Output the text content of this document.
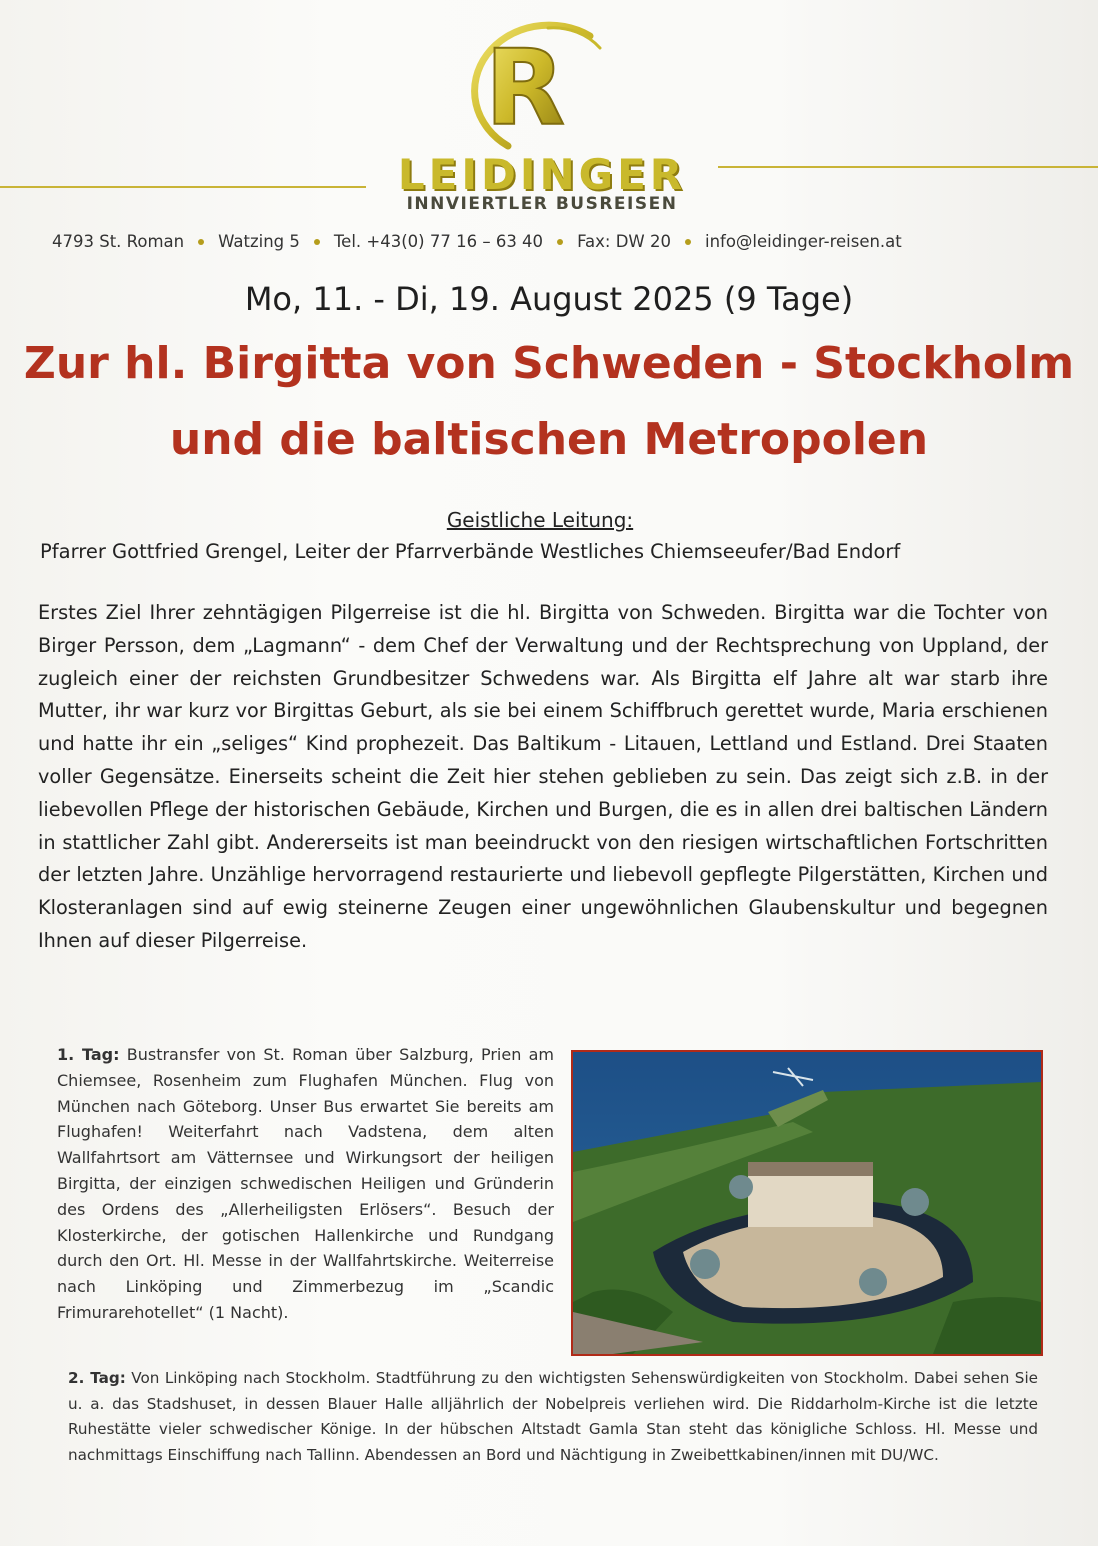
R
LEIDINGER
INNVIERTLER BUSREISEN
4793 St. Roman Watzing 5 Tel. +43(0) 77 16 – 63 40 Fax: DW 20 info@leidinger-reisen.at
Mo, 11. - Di, 19. August 2025 (9 Tage)
Zur hl. Birgitta von Schweden - Stockholm
und die baltischen Metropolen
Geistliche Leitung:
Pfarrer Gottfried Grengel, Leiter der Pfarrverbände Westliches Chiemseeufer/Bad Endorf
Erstes Ziel Ihrer zehntägigen Pilgerreise ist die hl. Birgitta von Schweden. Birgitta war die Tochter von Birger Persson, dem „Lagmann“ - dem Chef der Verwaltung und der Rechtsprechung von Uppland, der zugleich einer der reichsten Grundbesitzer Schwedens war. Als Birgitta elf Jahre alt war starb ihre Mutter, ihr war kurz vor Birgittas Geburt, als sie bei einem Schiffbruch gerettet wurde, Maria erschienen und hatte ihr ein „seliges“ Kind prophezeit. Das Baltikum - Litauen, Lettland und Estland. Drei Staaten voller Gegensätze. Einerseits scheint die Zeit hier stehen geblieben zu sein. Das zeigt sich z.B. in der liebevollen Pflege der historischen Gebäude, Kirchen und Burgen, die es in allen drei baltischen Ländern in stattlicher Zahl gibt. Andererseits ist man beeindruckt von den riesigen wirtschaftlichen Fortschritten der letzten Jahre. Unzählige hervorragend restaurierte und liebevoll gepflegte Pilgerstätten, Kirchen und Klosteranlagen sind auf ewig steinerne Zeugen einer ungewöhnlichen Glaubenskultur und begegnen Ihnen auf dieser Pilgerreise.
1. Tag: Bustransfer von St. Roman über Salzburg, Prien am Chiemsee, Rosenheim zum Flughafen München. Flug von München nach Göteborg. Unser Bus erwartet Sie bereits am Flughafen! Weiterfahrt nach Vadstena, dem alten Wallfahrtsort am Vätternsee und Wirkungsort der heiligen Birgitta, der einzigen schwedischen Heiligen und Gründerin des Ordens des „Allerheiligsten Erlösers“. Besuch der Klosterkirche, der gotischen Hallenkirche und Rundgang durch den Ort. Hl. Messe in der Wallfahrtskirche. Weiterreise nach Linköping und Zimmerbezug im „Scandic Frimurarehotellet“ (1 Nacht).
2. Tag: Von Linköping nach Stockholm. Stadtführung zu den wichtigsten Sehenswürdigkeiten von Stockholm. Dabei sehen Sie u. a. das Stadshuset, in dessen Blauer Halle alljährlich der Nobelpreis verliehen wird. Die Riddarholm-Kirche ist die letzte Ruhestätte vieler schwedischer Könige. In der hübschen Altstadt Gamla Stan steht das königliche Schloss. Hl. Messe und nachmittags Einschiffung nach Tallinn. Abendessen an Bord und Nächtigung in Zweibettkabinen/innen mit DU/WC.
